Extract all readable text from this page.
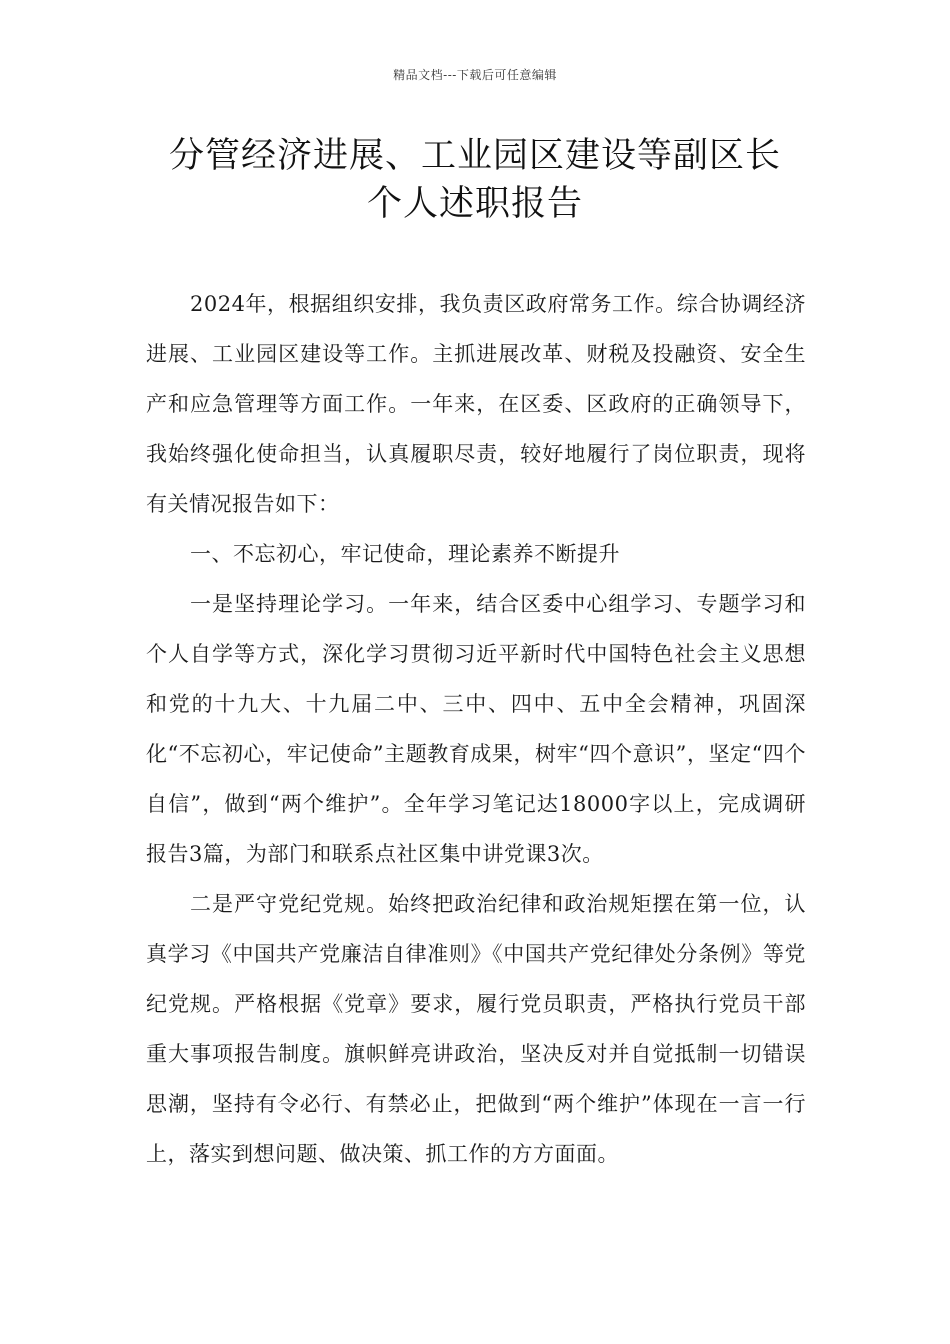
精品文档---下载后可任意编辑
分管经济进展、工业园区建设等副区长
个人述职报告

2024年，根据组织安排，我负责区政府常务工作。综合协调经济进展、工业园区建设等工作。主抓进展改革、财税及投融资、安全生产和应急管理等方面工作。一年来，在区委、区政府的正确领导下，我始终强化使命担当，认真履职尽责，较好地履行了岗位职责，现将有关情况报告如下：

一、不忘初心，牢记使命，理论素养不断提升

一是坚持理论学习。一年来，结合区委中心组学习、专题学习和个人自学等方式，深化学习贯彻习近平新时代中国特色社会主义思想和党的十九大、十九届二中、三中、四中、五中全会精神，巩固深化“不忘初心，牢记使命”主题教育成果，树牢“四个意识”，坚定“四个自信”，做到“两个维护”。全年学习笔记达18000字以上，完成调研报告3篇，为部门和联系点社区集中讲党课3次。

二是严守党纪党规。始终把政治纪律和政治规矩摆在第一位，认真学习《中国共产党廉洁自律准则》《中国共产党纪律处分条例》等党纪党规。严格根据《党章》要求，履行党员职责，严格执行党员干部重大事项报告制度。旗帜鲜亮讲政治，坚决反对并自觉抵制一切错误思潮，坚持有令必行、有禁必止，把做到“两个维护”体现在一言一行上，落实到想问题、做决策、抓工作的方方面面。
